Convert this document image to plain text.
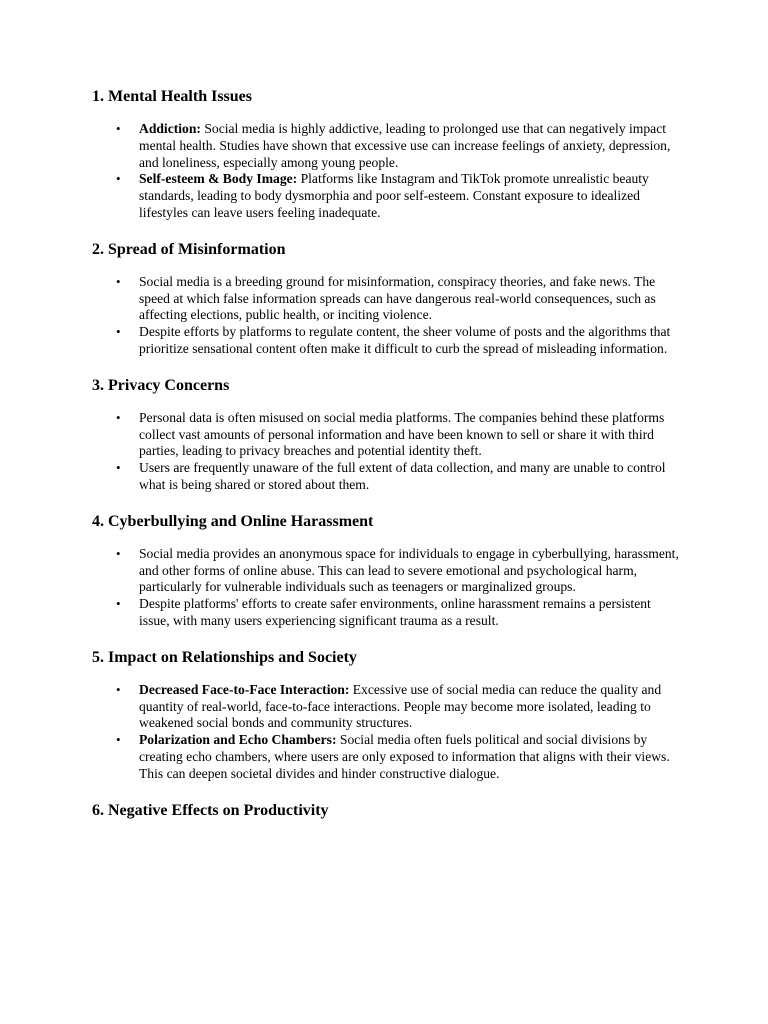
1. Mental Health Issues
• Addiction: Social media is highly addictive, leading to prolonged use that can negatively impact mental health. Studies have shown that excessive use can increase feelings of anxiety, depression, and loneliness, especially among young people.
• Self-esteem & Body Image: Platforms like Instagram and TikTok promote unrealistic beauty standards, leading to body dysmorphia and poor self-esteem. Constant exposure to idealized lifestyles can leave users feeling inadequate.
2. Spread of Misinformation
• Social media is a breeding ground for misinformation, conspiracy theories, and fake news. The speed at which false information spreads can have dangerous real-world consequences, such as affecting elections, public health, or inciting violence.
• Despite efforts by platforms to regulate content, the sheer volume of posts and the algorithms that prioritize sensational content often make it difficult to curb the spread of misleading information.
3. Privacy Concerns
• Personal data is often misused on social media platforms. The companies behind these platforms collect vast amounts of personal information and have been known to sell or share it with third parties, leading to privacy breaches and potential identity theft.
• Users are frequently unaware of the full extent of data collection, and many are unable to control what is being shared or stored about them.
4. Cyberbullying and Online Harassment
• Social media provides an anonymous space for individuals to engage in cyberbullying, harassment, and other forms of online abuse. This can lead to severe emotional and psychological harm, particularly for vulnerable individuals such as teenagers or marginalized groups.
• Despite platforms' efforts to create safer environments, online harassment remains a persistent issue, with many users experiencing significant trauma as a result.
5. Impact on Relationships and Society
• Decreased Face-to-Face Interaction: Excessive use of social media can reduce the quality and quantity of real-world, face-to-face interactions. People may become more isolated, leading to weakened social bonds and community structures.
• Polarization and Echo Chambers: Social media often fuels political and social divisions by creating echo chambers, where users are only exposed to information that aligns with their views. This can deepen societal divides and hinder constructive dialogue.
6. Negative Effects on Productivity
